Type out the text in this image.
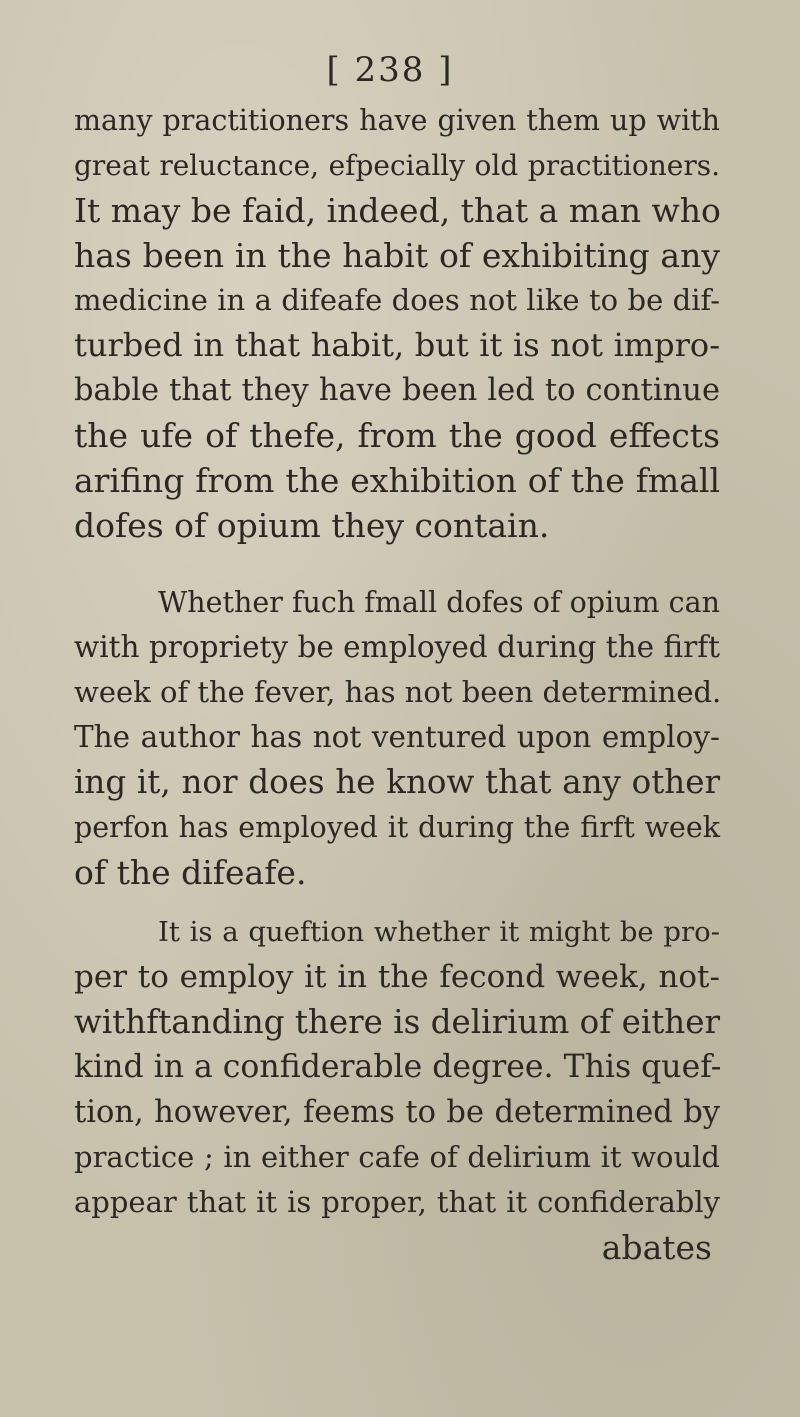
[ 238 ]
many practitioners have given them up with
great reluctance, efpecially old practitioners.
It may be faid, indeed, that a man who
has been in the habit of exhibiting any
medicine in a difeafe does not like to be dif-
turbed in that habit, but it is not impro-
bable that they have been led to continue
the ufe of thefe, from the good effects
arifing from the exhibition of the fmall
dofes of opium they contain.
Whether fuch fmall dofes of opium can
with propriety be employed during the firft
week of the fever, has not been determined.
The author has not ventured upon employ-
ing it, nor does he know that any other
perfon has employed it during the firft week
of the difeafe.
It is a queftion whether it might be pro-
per to employ it in the fecond week, not-
withftanding there is delirium of either
kind in a confiderable degree. This quef-
tion, however, feems to be determined by
practice ; in either cafe of delirium it would
appear that it is proper, that it confiderably
abates
